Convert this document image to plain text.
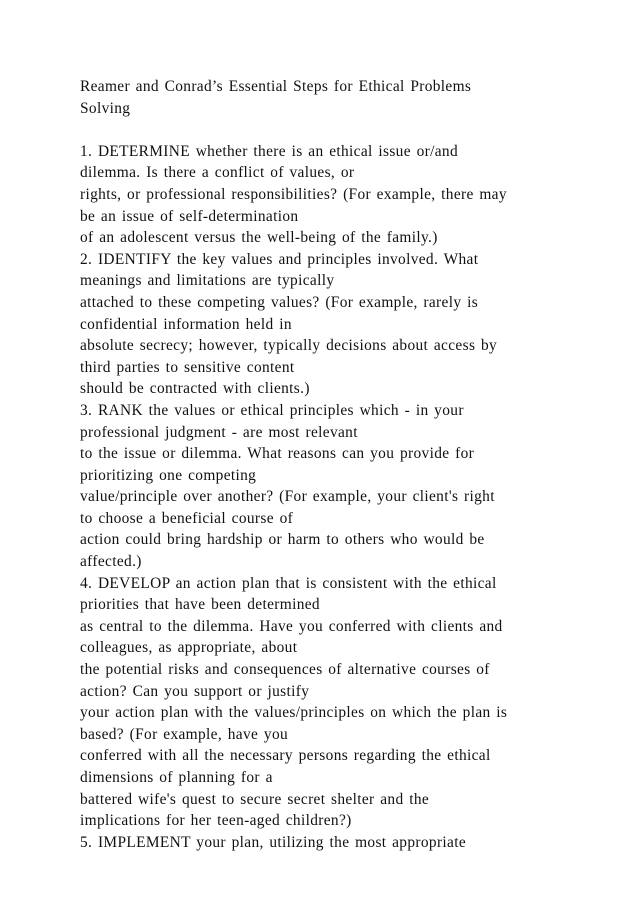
Reamer and Conrad’s Essential Steps for Ethical Problems
Solving
1. DETERMINE whether there is an ethical issue or/and
dilemma. Is there a conflict of values, or
rights, or professional responsibilities? (For example, there may
be an issue of self-determination
of an adolescent versus the well-being of the family.)
2. IDENTIFY the key values and principles involved. What
meanings and limitations are typically
attached to these competing values? (For example, rarely is
confidential information held in
absolute secrecy; however, typically decisions about access by
third parties to sensitive content
should be contracted with clients.)
3. RANK the values or ethical principles which - in your
professional judgment - are most relevant
to the issue or dilemma. What reasons can you provide for
prioritizing one competing
value/principle over another? (For example, your client's right
to choose a beneficial course of
action could bring hardship or harm to others who would be
affected.)
4. DEVELOP an action plan that is consistent with the ethical
priorities that have been determined
as central to the dilemma. Have you conferred with clients and
colleagues, as appropriate, about
the potential risks and consequences of alternative courses of
action? Can you support or justify
your action plan with the values/principles on which the plan is
based? (For example, have you
conferred with all the necessary persons regarding the ethical
dimensions of planning for a
battered wife's quest to secure secret shelter and the
implications for her teen-aged children?)
5. IMPLEMENT your plan, utilizing the most appropriate
